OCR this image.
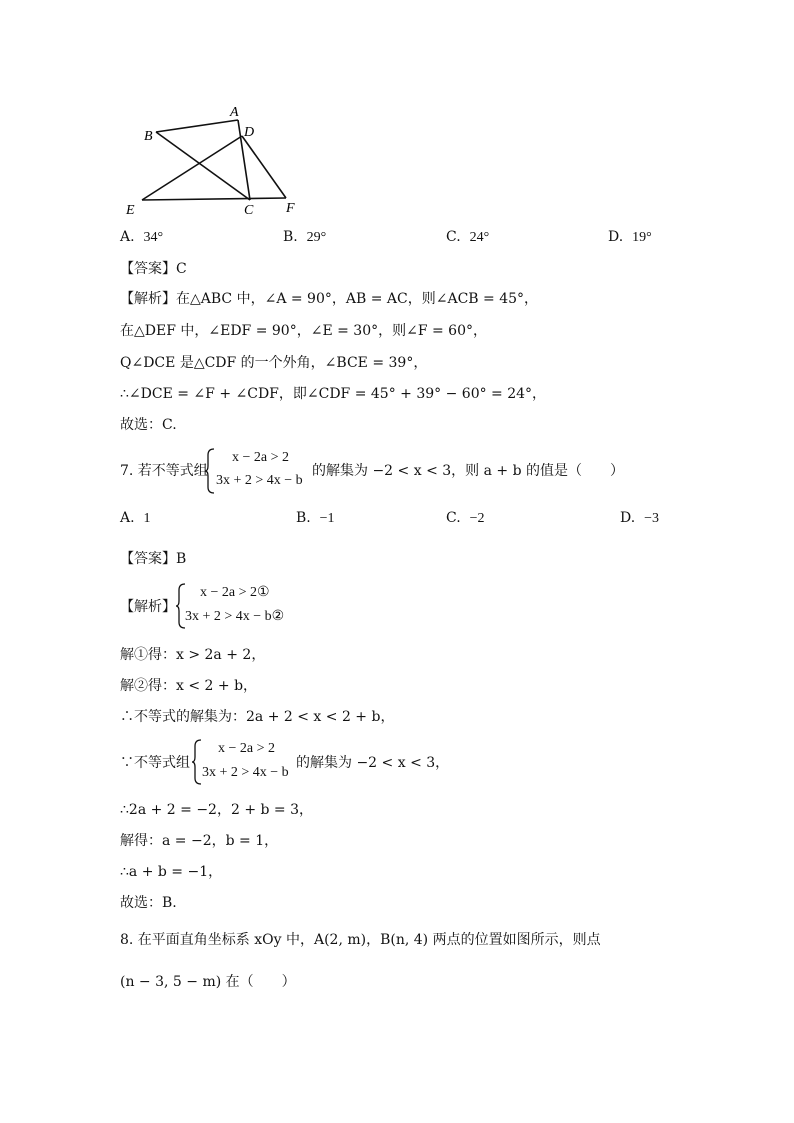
A
B	D
E	C F
A. 34°	B. 29°	C. 24°	D. 19°
【答案】C
【解析】在△ABC 中，∠A = 90°，AB = AC，则∠ACB = 45°，
在△DEF 中，∠EDF = 90°，∠E = 30°，则∠F = 60°，
Q∠DCE 是△CDF 的一个外角，∠BCE = 39°，
∴∠DCE = ∠F + ∠CDF，即∠CDF = 45° + 39° − 60° = 24°，
故选：C.
7. 若不等式组
x − 2a > 2
3x + 2 > 4x − b
的解集为 −2 < x < 3，则 a + b 的值是（　　）
A. 1	B. −1	C. −2	D. −3
【答案】B
【解析】
x − 2a > 2①
3x + 2 > 4x − b②
解①得：x > 2a + 2，
解②得：x < 2 + b，
∴不等式的解集为：2a + 2 < x < 2 + b，
∵不等式组
x − 2a > 2
3x + 2 > 4x − b
的解集为 −2 < x < 3，
∴2a + 2 = −2，2 + b = 3，
解得：a = −2，b = 1，
∴a + b = −1，
故选：B.
8. 在平面直角坐标系 xOy 中，A(2, m)，B(n, 4) 两点的位置如图所示，则点
(n − 3, 5 − m) 在（　　）
